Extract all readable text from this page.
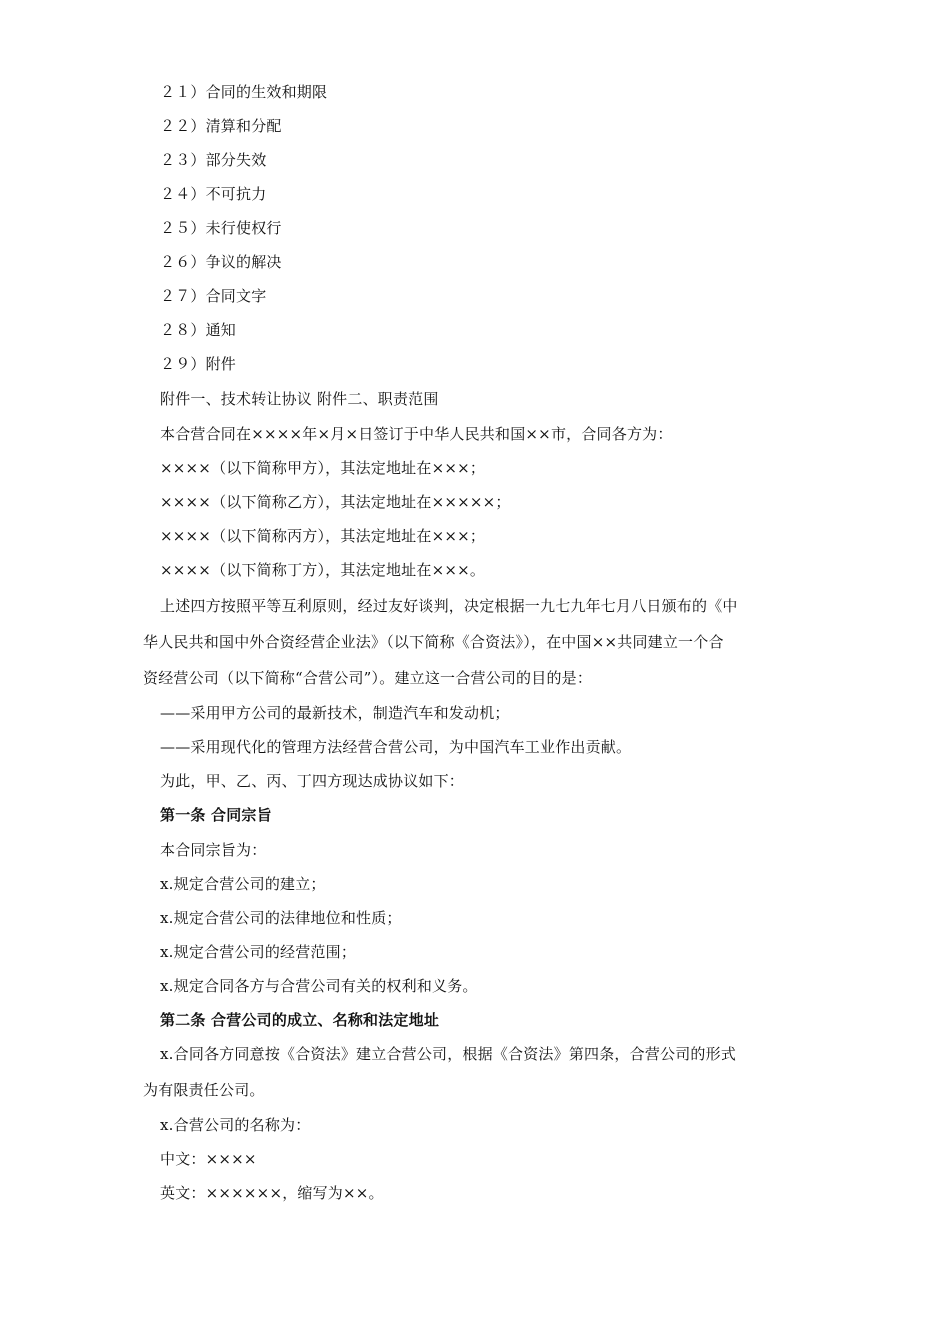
２１）合同的生效和期限
２２）清算和分配
２３）部分失效
２４）不可抗力
２５）未行使权行
２６）争议的解决
２７）合同文字
２８）通知
２９）附件
附件一、技术转让协议 附件二、职责范围
本合营合同在××××年×月×日签订于中华人民共和国××市，合同各方为：
××××（以下简称甲方），其法定地址在×××；
××××（以下简称乙方），其法定地址在×××××；
××××（以下简称丙方），其法定地址在×××；
××××（以下简称丁方），其法定地址在×××。
上述四方按照平等互利原则，经过友好谈判，决定根据一九七九年七月八日颁布的《中
华人民共和国中外合资经营企业法》（以下简称《合资法》），在中国××共同建立一个合
资经营公司（以下简称“合营公司”）。建立这一合营公司的目的是：
——采用甲方公司的最新技术，制造汽车和发动机；
——采用现代化的管理方法经营合营公司，为中国汽车工业作出贡献。
为此，甲、乙、丙、丁四方现达成协议如下：
第一条 合同宗旨
本合同宗旨为：
x.规定合营公司的建立；
x.规定合营公司的法律地位和性质；
x.规定合营公司的经营范围；
x.规定合同各方与合营公司有关的权利和义务。
第二条 合营公司的成立、名称和法定地址
x.合同各方同意按《合资法》建立合营公司，根据《合资法》第四条，合营公司的形式
为有限责任公司。
x.合营公司的名称为：
中文：××××
英文：××××××，缩写为××。
